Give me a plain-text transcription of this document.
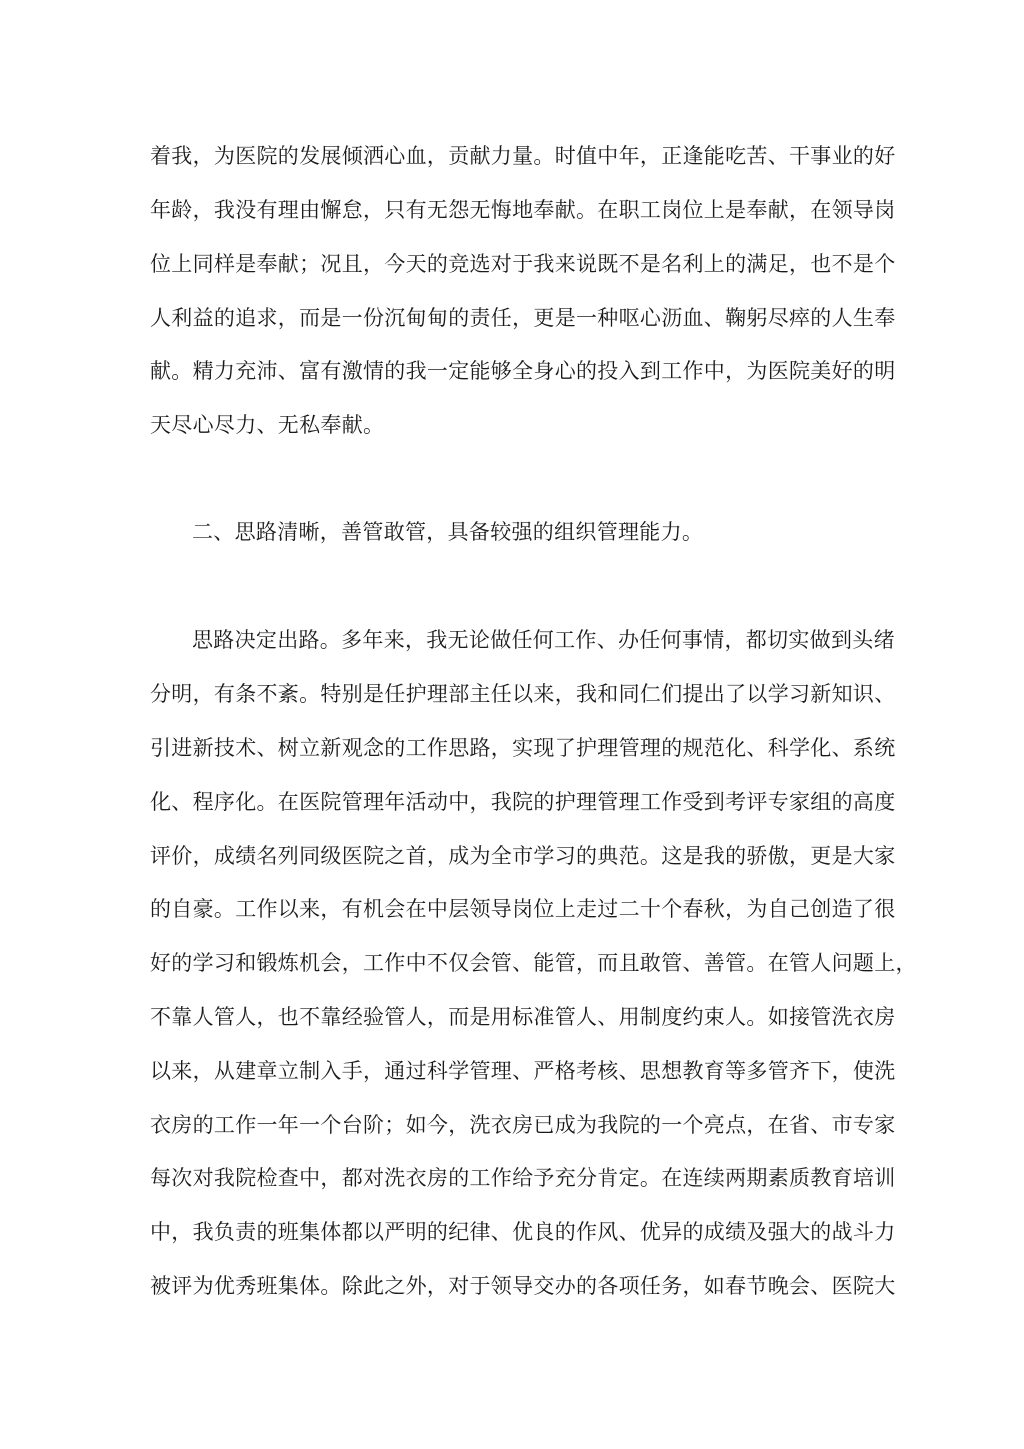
着我，为医院的发展倾洒心血，贡献力量。时值中年，正逢能吃苦、干事业的好
年龄，我没有理由懈怠，只有无怨无悔地奉献。在职工岗位上是奉献，在领导岗
位上同样是奉献；况且，今天的竞选对于我来说既不是名利上的满足，也不是个
人利益的追求，而是一份沉甸甸的责任，更是一种呕心沥血、鞠躬尽瘁的人生奉
献。精力充沛、富有激情的我一定能够全身心的投入到工作中，为医院美好的明
天尽心尽力、无私奉献。
二、思路清晰，善管敢管，具备较强的组织管理能力。
思路决定出路。多年来，我无论做任何工作、办任何事情，都切实做到头绪
分明，有条不紊。特别是任护理部主任以来，我和同仁们提出了以学习新知识、
引进新技术、树立新观念的工作思路，实现了护理管理的规范化、科学化、系统
化、程序化。在医院管理年活动中，我院的护理管理工作受到考评专家组的高度
评价，成绩名列同级医院之首，成为全市学习的典范。这是我的骄傲，更是大家
的自豪。工作以来，有机会在中层领导岗位上走过二十个春秋，为自己创造了很
好的学习和锻炼机会，工作中不仅会管、能管，而且敢管、善管。在管人问题上，
不靠人管人，也不靠经验管人，而是用标准管人、用制度约束人。如接管洗衣房
以来，从建章立制入手，通过科学管理、严格考核、思想教育等多管齐下，使洗
衣房的工作一年一个台阶；如今，洗衣房已成为我院的一个亮点，在省、市专家
每次对我院检查中，都对洗衣房的工作给予充分肯定。在连续两期素质教育培训
中，我负责的班集体都以严明的纪律、优良的作风、优异的成绩及强大的战斗力
被评为优秀班集体。除此之外，对于领导交办的各项任务，如春节晚会、医院大
